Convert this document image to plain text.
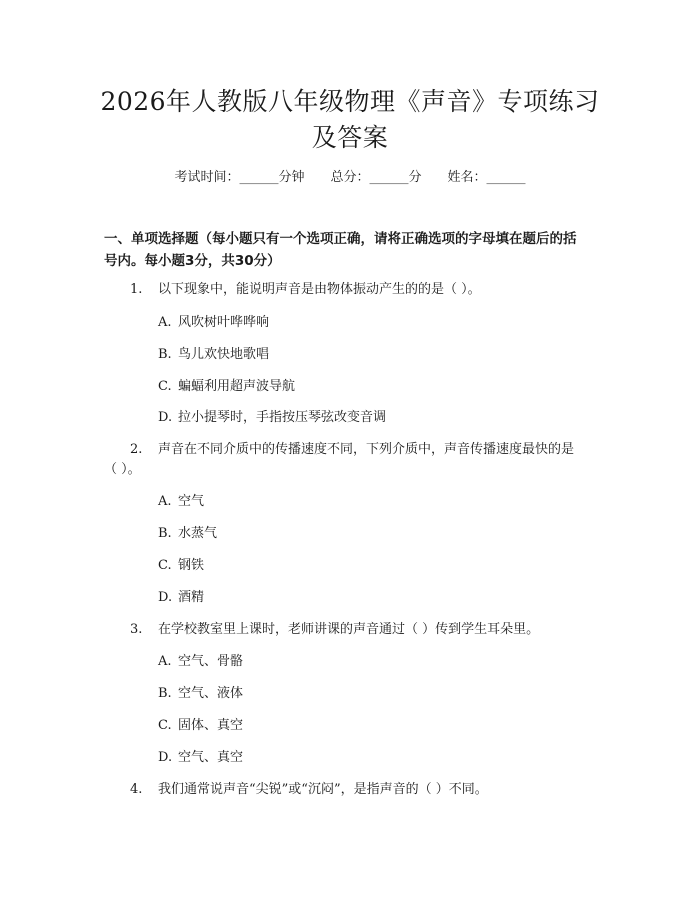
2026年人教版八年级物理《声音》专项练习
及答案
考试时间：______分钟 总分：______分 姓名：______
一、单项选择题（每小题只有一个选项正确，请将正确选项的字母填在题后的括
号内。每小题3分，共30分）
1. 以下现象中，能说明声音是由物体振动产生的的是（ ）。
A. 风吹树叶哗哗响
B. 鸟儿欢快地歌唱
C. 蝙蝠利用超声波导航
D. 拉小提琴时，手指按压琴弦改变音调
2. 声音在不同介质中的传播速度不同，下列介质中，声音传播速度最快的是
（ ）。
A. 空气
B. 水蒸气
C. 钢铁
D. 酒精
3. 在学校教室里上课时，老师讲课的声音通过（ ）传到学生耳朵里。
A. 空气、骨骼
B. 空气、液体
C. 固体、真空
D. 空气、真空
4. 我们通常说声音“尖锐”或“沉闷”，是指声音的（ ）不同。
